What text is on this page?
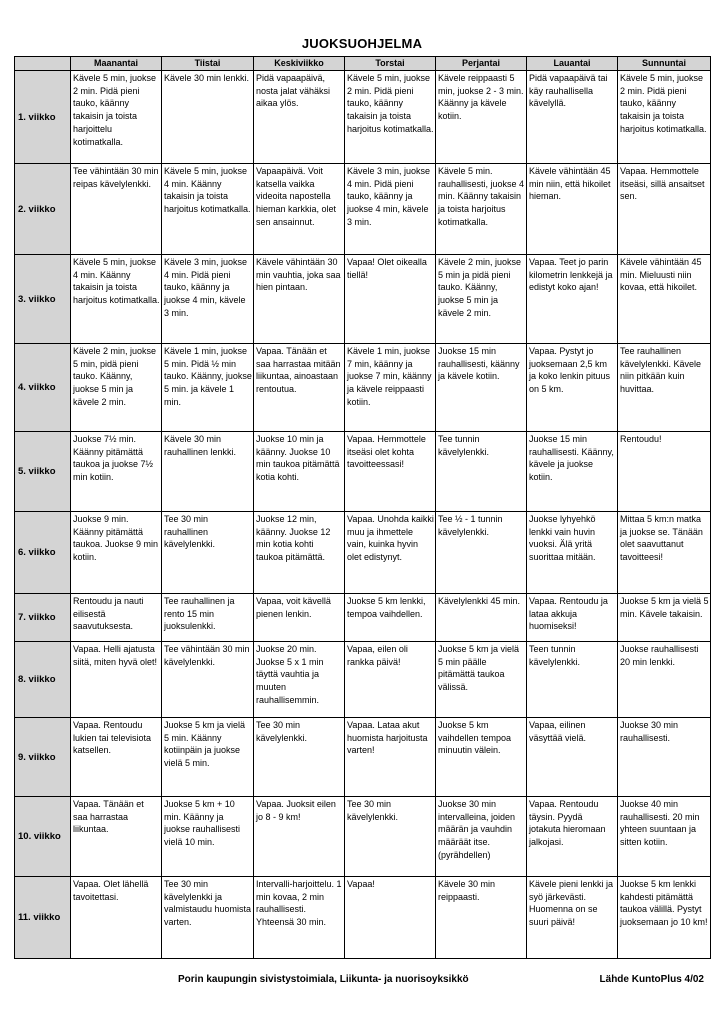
JUOKSUOHJELMA
	Maanantai	Tiistai	Keskiviikko	Torstai	Perjantai	Lauantai	Sunnuntai
1. viikko	Kävele 5 min, juokse 2 min. Pidä pieni tauko, käänny takaisin ja toista harjoittelu kotimatkalla.	Kävele 30 min lenkki.	Pidä vapaapäivä, nosta jalat vähäksi aikaa ylös.	Kävele 5 min, juokse 2 min. Pidä pieni tauko, käänny takaisin ja toista harjoitus kotimatkalla.	Kävele reippaasti 5 min, juokse 2 - 3 min. Käänny ja kävele kotiin.	Pidä vapaapäivä tai käy rauhallisella kävelyllä.	Kävele 5 min, juokse 2 min. Pidä pieni tauko, käänny takaisin ja toista harjoitus kotimatkalla.
2. viikko	Tee vähintään 30 min reipas kävelylenkki.	Kävele 5 min, juokse 4 min. Käänny takaisin ja toista harjoitus kotimatkalla.	Vapaapäivä. Voit katsella vaikka videoita napostella hieman karkkia, olet sen ansainnut.	Kävele 3 min, juokse 4 min. Pidä pieni tauko, käänny ja juokse 4 min, kävele 3 min.	Kävele 5 min. rauhallisesti, juokse 4 min. Käänny takaisin ja toista harjoitus kotimatkalla.	Kävele vähintään 45 min niin, että hikoilet hieman.	Vapaa. Hemmottele itseäsi, sillä ansaitset sen.
3. viikko	Kävele 5 min, juokse 4 min. Käänny takaisin ja toista harjoitus kotimatkalla.	Kävele 3 min, juokse 4 min. Pidä pieni tauko, käänny ja juokse 4 min, kävele 3 min.	Kävele vähintään 30 min vauhtia, joka saa hien pintaan.	Vapaa! Olet oikealla tiellä!	Kävele 2 min, juokse 5 min ja pidä pieni tauko. Käänny, juokse 5 min ja kävele 2 min.	Vapaa. Teet jo parin kilometrin lenkkejä ja edistyt koko ajan!	Kävele vähintään 45 min. Mieluusti niin kovaa, että hikoilet.
4. viikko	Kävele 2 min, juokse 5 min, pidä pieni tauko. Käänny, juokse 5 min ja kävele 2 min.	Kävele 1 min, juokse 5 min. Pidä ½ min tauko. Käänny, juokse 5 min. ja kävele 1 min.	Vapaa. Tänään et saa harrastaa mitään liikuntaa, ainoastaan rentoutua.	Kävele 1 min, juokse 7 min, käänny ja juokse 7 min, käänny ja kävele reippaasti kotiin.	Juokse 15 min rauhallisesti, käänny ja kävele kotiin.	Vapaa. Pystyt jo juoksemaan 2,5 km ja koko lenkin pituus on 5 km.	Tee rauhallinen kävelylenkki. Kävele niin pitkään kuin huvittaa.
5. viikko	Juokse 7½ min. Käänny pitämättä taukoa ja juokse 7½ min kotiin.	Kävele 30 min rauhallinen lenkki.	Juokse 10 min ja käänny. Juokse 10 min taukoa pitämättä kotia kohti.	Vapaa. Hemmottele itseäsi olet kohta tavoitteessasi!	Tee tunnin kävelylenkki.	Juokse 15 min rauhallisesti. Käänny, kävele ja juokse kotiin.	Rentoudu!
6. viikko	Juokse 9 min. Käänny pitämättä taukoa. Juokse 9 min kotiin.	Tee 30 min rauhallinen kävelylenkki.	Juokse 12 min, käänny. Juokse 12 min kotia kohti taukoa pitämättä.	Vapaa. Unohda kaikki muu ja ihmettele vain, kuinka hyvin olet edistynyt.	Tee ½ - 1 tunnin kävelylenkki.	Juokse lyhyehkö lenkki vain huvin vuoksi. Älä yritä suorittaa mitään.	Mittaa 5 km:n matka ja juokse se. Tänään olet saavuttanut tavoitteesi!
7. viikko	Rentoudu ja nauti eilisestä saavutuksesta.	Tee rauhallinen ja rento 15 min juoksulenkki.	Vapaa, voit kävellä pienen lenkin.	Juokse 5 km lenkki, tempoa vaihdellen.	Kävelylenkki 45 min.	Vapaa. Rentoudu ja lataa akkuja huomiseksi!	Juokse 5 km ja vielä 5 min. Kävele takaisin.
8. viikko	Vapaa. Helli ajatusta siitä, miten hyvä olet!	Tee vähintään 30 min kävelylenkki.	Juokse 20 min. Juokse 5 x 1 min täyttä vauhtia ja muuten rauhallisemmin.	Vapaa, eilen oli rankka päivä!	Juokse 5 km ja vielä 5 min päälle pitämättä taukoa välissä.	Teen tunnin kävelylenkki.	Juokse rauhallisesti 20 min lenkki.
9. viikko	Vapaa. Rentoudu lukien tai televisiota katsellen.	Juokse 5 km ja vielä 5 min. Käänny kotiinpäin ja juokse vielä 5 min.	Tee 30 min kävelylenkki.	Vapaa. Lataa akut huomista harjoitusta varten!	Juokse 5 km vaihdellen tempoa minuutin välein.	Vapaa, eilinen väsyttää vielä.	Juokse 30 min rauhallisesti.
10. viikko	Vapaa. Tänään et saa harrastaa liikuntaa.	Juokse 5 km + 10 min. Käänny ja juokse rauhallisesti vielä 10 min.	Vapaa. Juoksit eilen jo 8 - 9 km!	Tee 30 min kävelylenkki.	Juokse 30 min intervalleina, joiden määrän ja vauhdin määräät itse. (pyrähdellen)	Vapaa. Rentoudu täysin. Pyydä jotakuta hieromaan jalkojasi.	Juokse 40 min rauhallisesti. 20 min yhteen suuntaan ja sitten kotiin.
11. viikko	Vapaa. Olet lähellä tavoitettasi.	Tee 30 min kävelylenkki ja valmistaudu huomista varten.	Intervalli-harjoittelu. 1 min kovaa, 2 min rauhallisesti. Yhteensä 30 min.	Vapaa!	Kävele 30 min reippaasti.	Kävele pieni lenkki ja syö järkevästi. Huomenna on se suuri päivä!	Juokse 5 km lenkki kahdesti pitämättä taukoa välillä. Pystyt juoksemaan jo 10 km!
Porin kaupungin sivistystoimiala, Liikunta- ja nuorisoyksikkö	Lähde KuntoPlus 4/02
